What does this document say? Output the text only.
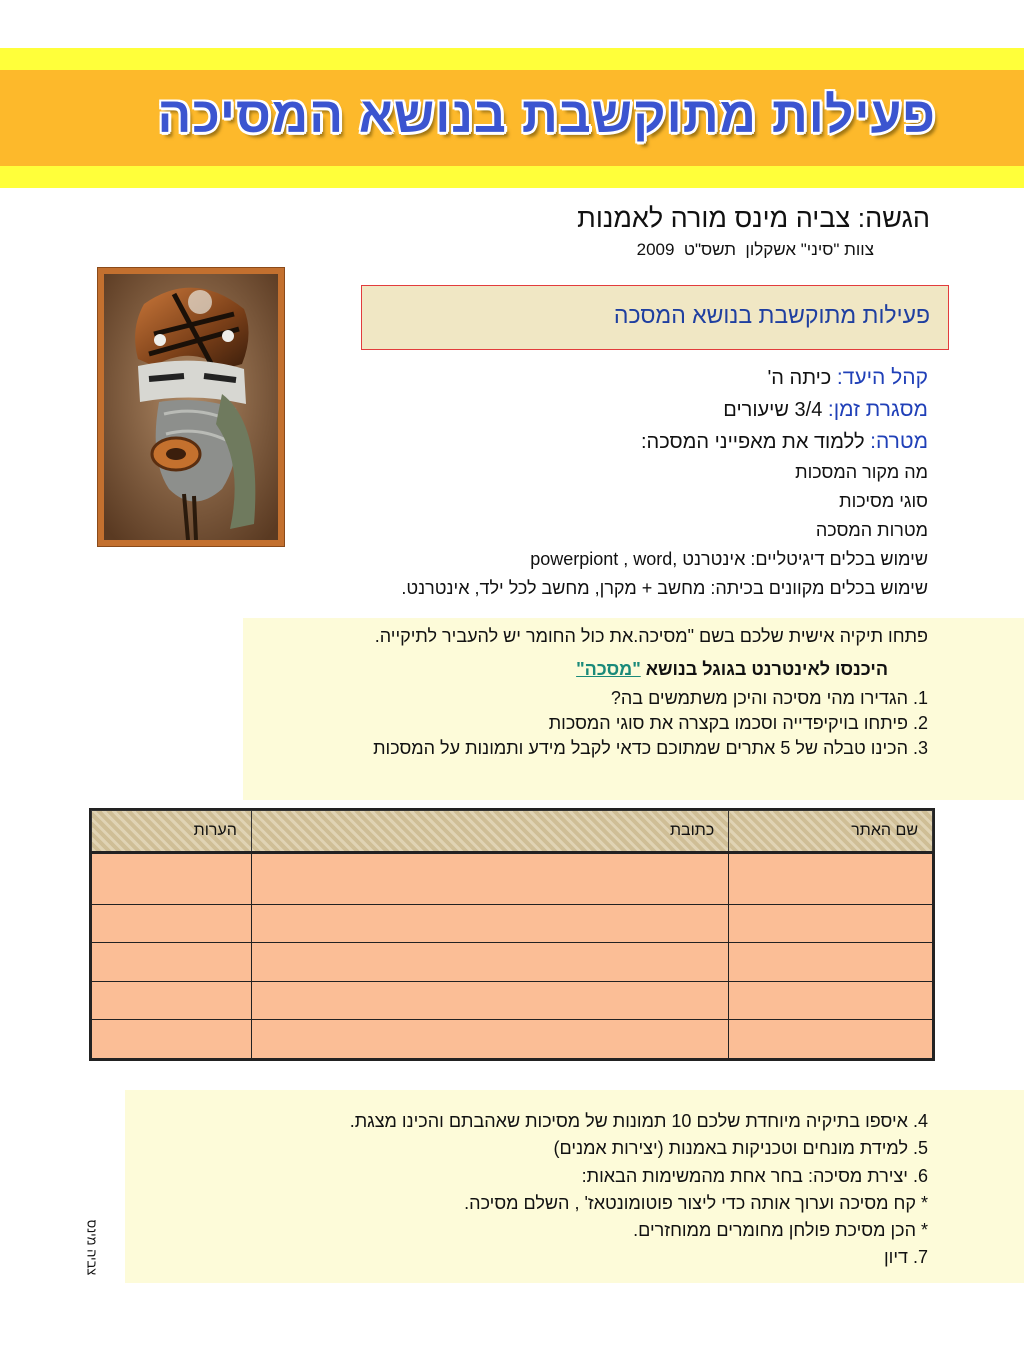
פעילות מתוקשבת בנושא המסיכה
הגשה: צביה מינס מורה לאמנות
צוות "סיני" אשקלון  תשס"ט  2009
פעילות מתוקשבת בנושא המסכה
קהל היעד: כיתה ה'
מסגרת זמן: 3/4 שיעורים
מטרה: ללמוד את מאפייני המסכה:
מה מקור המסכות
סוגי מסיכות
מטרות המסכה
שימוש בכלים דיגיטליים: אינטרנט ,powerpiont , word
שימוש בכלים מקוונים בכיתה: מחשב + מקרן, מחשב לכל ילד, אינטרנט.
פתחו תיקיה אישית שלכם בשם "מסיכה.את כול החומר יש להעביר לתיקייה.
היכנסו לאינטרנט בגוגל בנושא "מסכה"
1. הגדירו מהי מסיכה והיכן משתמשים בה?
2. פיתחו בויקיפדייה וסכמו בקצרה את סוגי המסכות
3. הכינו טבלה של 5 אתרים שמתוכם כדאי לקבל מידע ותמונות על המסכות
שם האתר	כתובת	הערות

4. איספו בתיקיה מיוחדת שלכם 10 תמונות של מסיכות שאהבתם והכינו מצגת.
5. למידת מונחים וטכניקות באמנות (יצירות אמנים)
6. יצירת מסיכה: בחר אחת מהמשימות הבאות:
* קח מסיכה וערוך אותה כדי ליצור פוטומונטאז' , השלם מסיכה.
* הכן מסיכת פולחן מחומרים ממוחזרים.
7. דיון
צביה מינס
